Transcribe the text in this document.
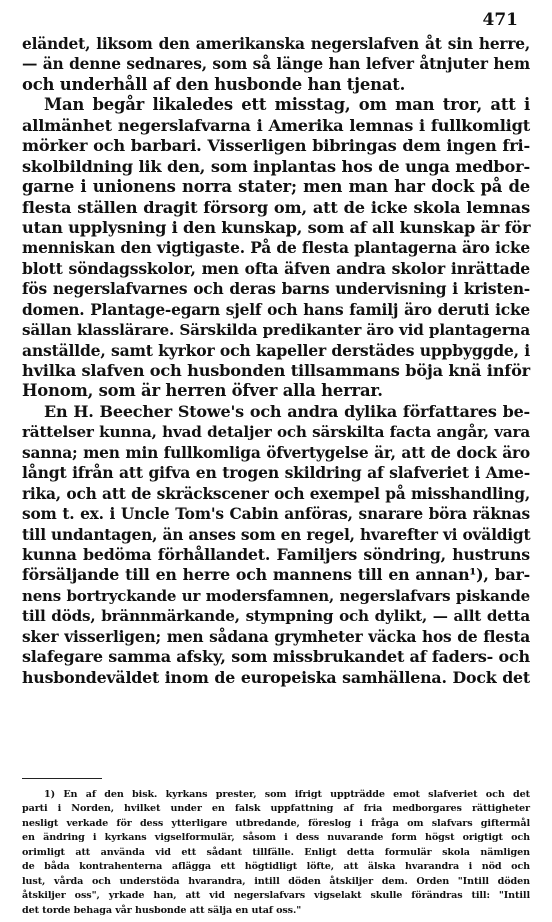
471

eländet, liksom den amerikanska negerslafven åt sin herre,
— än denne sednares, som så länge han lefver åtnjuter hem
och underhåll af den husbonde han tjenat.
Man begår likaledes ett misstag, om man tror, att i
allmänhet negerslafvarna i Amerika lemnas i fullkomligt
mörker och barbari. Visserligen bibringas dem ingen fri-
skolbildning lik den, som inplantas hos de unga medbor-
garne i unionens norra stater; men man har dock på de
flesta ställen dragit försorg om, att de icke skola lemnas
utan upplysning i den kunskap, som af all kunskap är för
menniskan den vigtigaste. På de flesta plantagerna äro icke
blott söndagsskolor, men ofta äfven andra skolor inrättade
fös negerslafvarnes och deras barns undervisning i kristen-
domen. Plantage-egarn sjelf och hans familj äro deruti icke
sällan klasslärare. Särskilda predikanter äro vid plantagerna
anställde, samt kyrkor och kapeller derstädes uppbyggde, i
hvilka slafven och husbonden tillsammans böja knä inför
Honom, som är herren öfver alla herrar.
En H. Beecher Stowe's och andra dylika författares be-
rättelser kunna, hvad detaljer och särskilta facta angår, vara
sanna; men min fullkomliga öfvertygelse är, att de dock äro
långt ifrån att gifva en trogen skildring af slafveriet i Ame-
rika, och att de skräckscener och exempel på misshandling,
som t. ex. i Uncle Tom's Cabin anföras, snarare böra räknas
till undantagen, än anses som en regel, hvarefter vi oväldigt
kunna bedöma förhållandet. Familjers söndring, hustruns
försäljande till en herre och mannens till en annan¹), bar-
nens bortryckande ur modersfamnen, negerslafvars piskande
till döds, brännmärkande, stympning och dylikt, — allt detta
sker visserligen; men sådana grymheter väcka hos de flesta
slafegare samma afsky, som missbrukandet af faders- och
husbondeväldet inom de europeiska samhällena. Dock det
1) En af den bisk. kyrkans prester, som ifrigt uppträdde emot slafveriet och det
parti i Norden, hvilket under en falsk uppfattning af fria medborgares rättigheter
nesligt verkade för dess ytterligare utbredande, föreslog i fråga om slafvars giftermål
en ändring i kyrkans vigselformulär, såsom i dess nuvarande form högst origtigt och
orimligt att använda vid ett sådant tillfälle. Enligt detta formulär skola nämligen
de båda kontrahenterna aflägga ett högtidligt löfte, att älska hvarandra i nöd och
lust, vårda och understöda hvarandra, intill döden åtskiljer dem. Orden "Intill döden
åtskiljer oss", yrkade han, att vid negerslafvars vigselakt skulle förändras till: "Intill
det torde behaga vår husbonde att sälja en utaf oss."
